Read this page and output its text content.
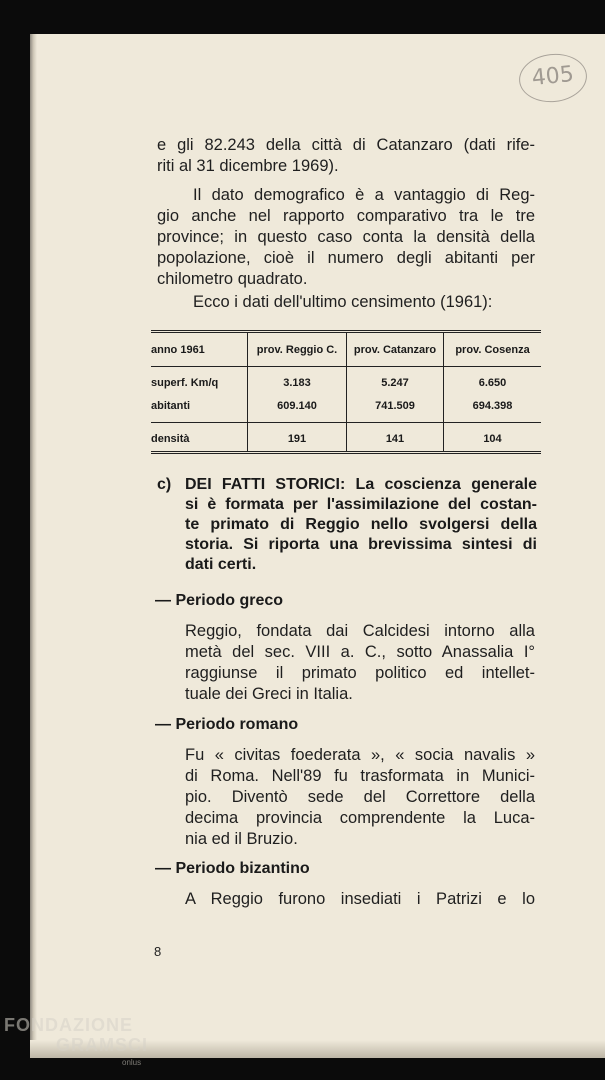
405

e gli 82.243 della città di Catanzaro (dati rife-

riti al 31 dicembre 1969).

Il dato demografico è a vantaggio di Reg-

gio anche nel rapporto comparativo tra le tre

province; in questo caso conta la densità della

popolazione, cioè il numero degli abitanti per

chilometro quadrato.

Ecco i dati dell'ultimo censimento (1961):

anno 1961	prov. Reggio C.	prov. Catanzaro	prov. Cosenza
superf. Km/q	3.183	5.247	6.650
abitanti	609.140	741.509	694.398
densità	191	141	104
c) DEI FATTI STORICI: La coscienza generale
si è formata per l'assimilazione del costan-
te primato di Reggio nello svolgersi della
storia. Si riporta una brevissima sintesi di
dati certi.
— Periodo greco

Reggio, fondata dai Calcidesi intorno alla
metà del sec. VIII a. C., sotto Anassalia I°
raggiunse il primato politico ed intellet-
tuale dei Greci in Italia.

— Periodo romano

Fu « civitas foederata », « socia navalis »
di Roma. Nell'89 fu trasformata in Munici-
pio. Diventò sede del Correttore della
decima provincia comprendente la Luca-
nia ed il Bruzio.

— Periodo bizantino

A Reggio furono insediati i Patrizi e lo

8
FONDAZIONE
GRAMSCI
onlus
